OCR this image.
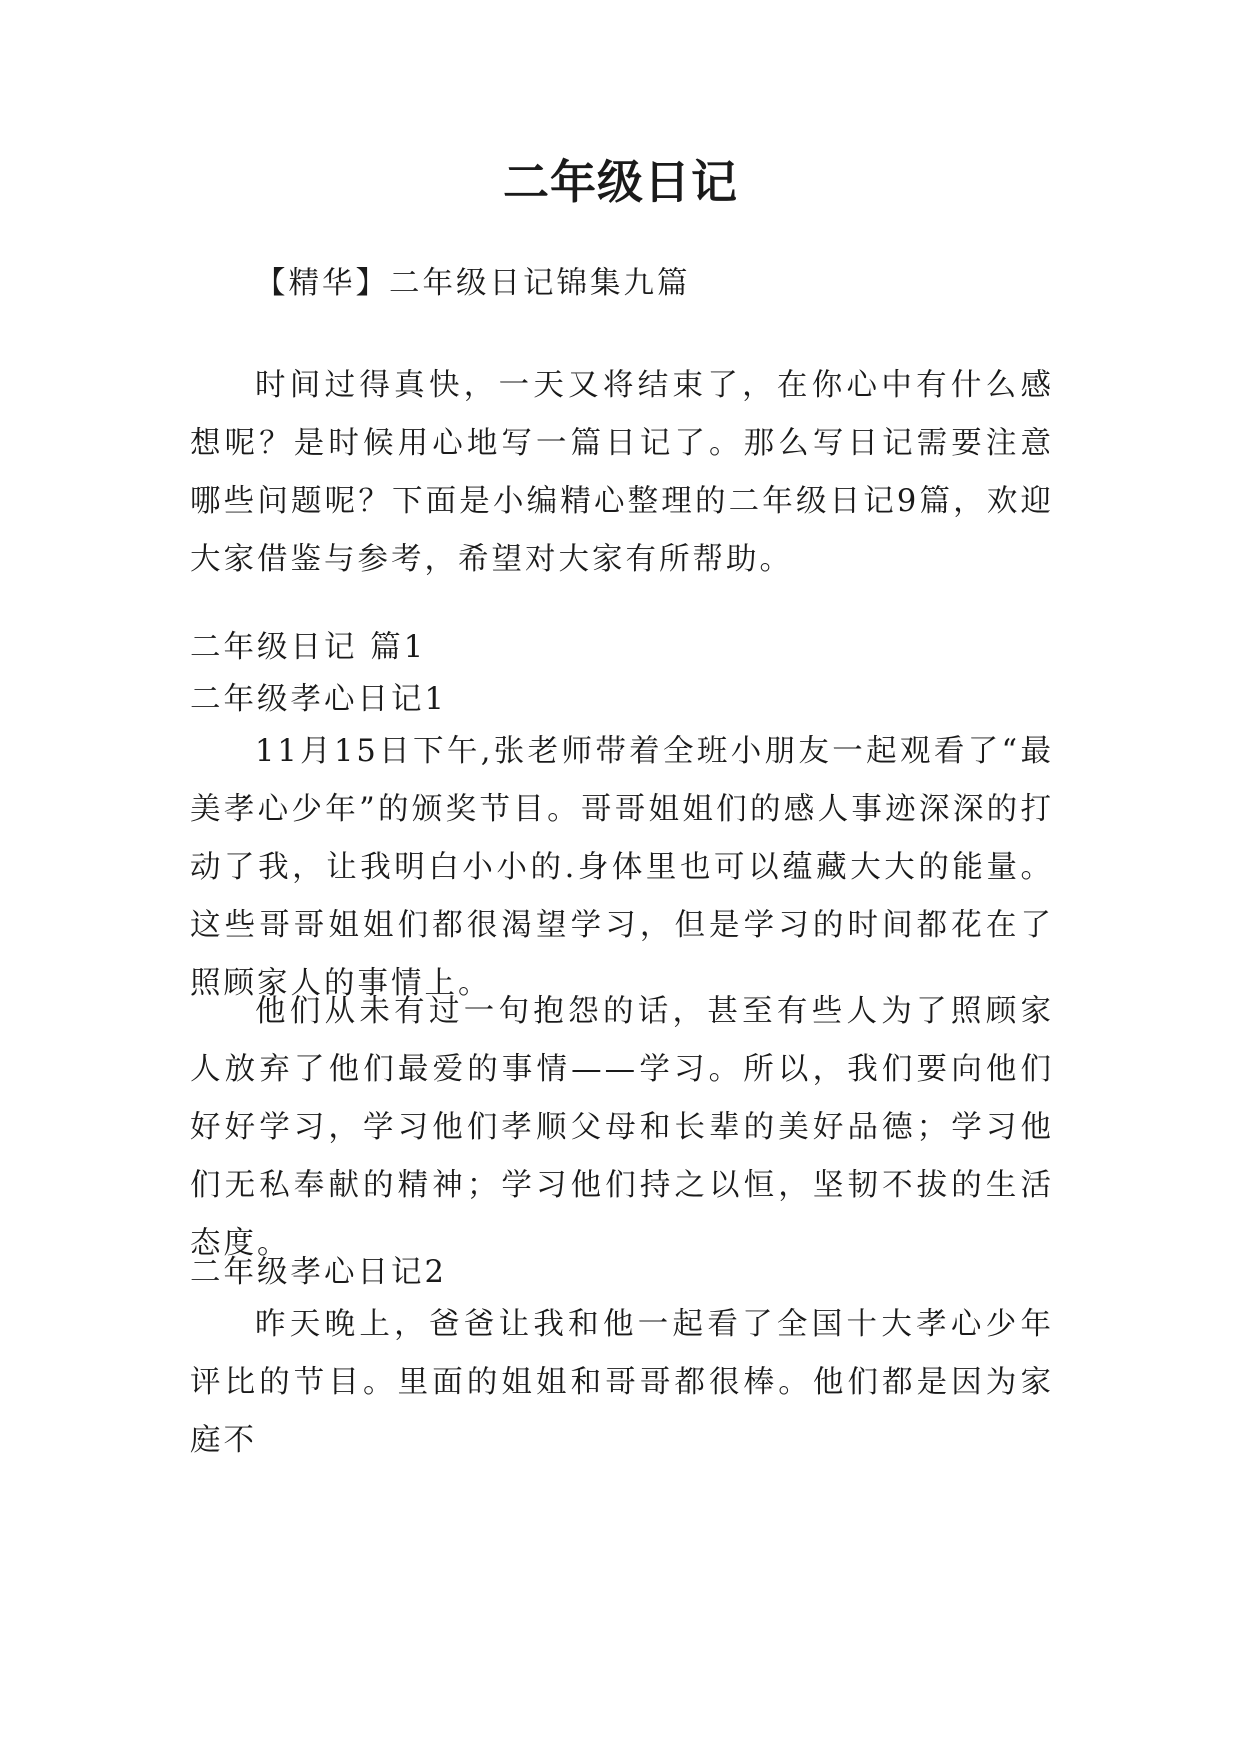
二年级日记

【精华】二年级日记锦集九篇

时间过得真快，一天又将结束了，在你心中有什么感想呢？是时候用心地写一篇日记了。那么写日记需要注意哪些问题呢？下面是小编精心整理的二年级日记9篇，欢迎大家借鉴与参考，希望对大家有所帮助。

二年级日记 篇1

二年级孝心日记1

11月15日下午,张老师带着全班小朋友一起观看了“最美孝心少年”的颁奖节目。哥哥姐姐们的感人事迹深深的打动了我，让我明白小小的.身体里也可以蕴藏大大的能量。这些哥哥姐姐们都很渴望学习，但是学习的时间都花在了照顾家人的事情上。

他们从未有过一句抱怨的话，甚至有些人为了照顾家人放弃了他们最爱的事情——学习。所以，我们要向他们好好学习，学习他们孝顺父母和长辈的美好品德；学习他们无私奉献的精神；学习他们持之以恒，坚韧不拔的生活态度。

二年级孝心日记2

昨天晚上，爸爸让我和他一起看了全国十大孝心少年评比的节目。里面的姐姐和哥哥都很棒。他们都是因为家庭不
